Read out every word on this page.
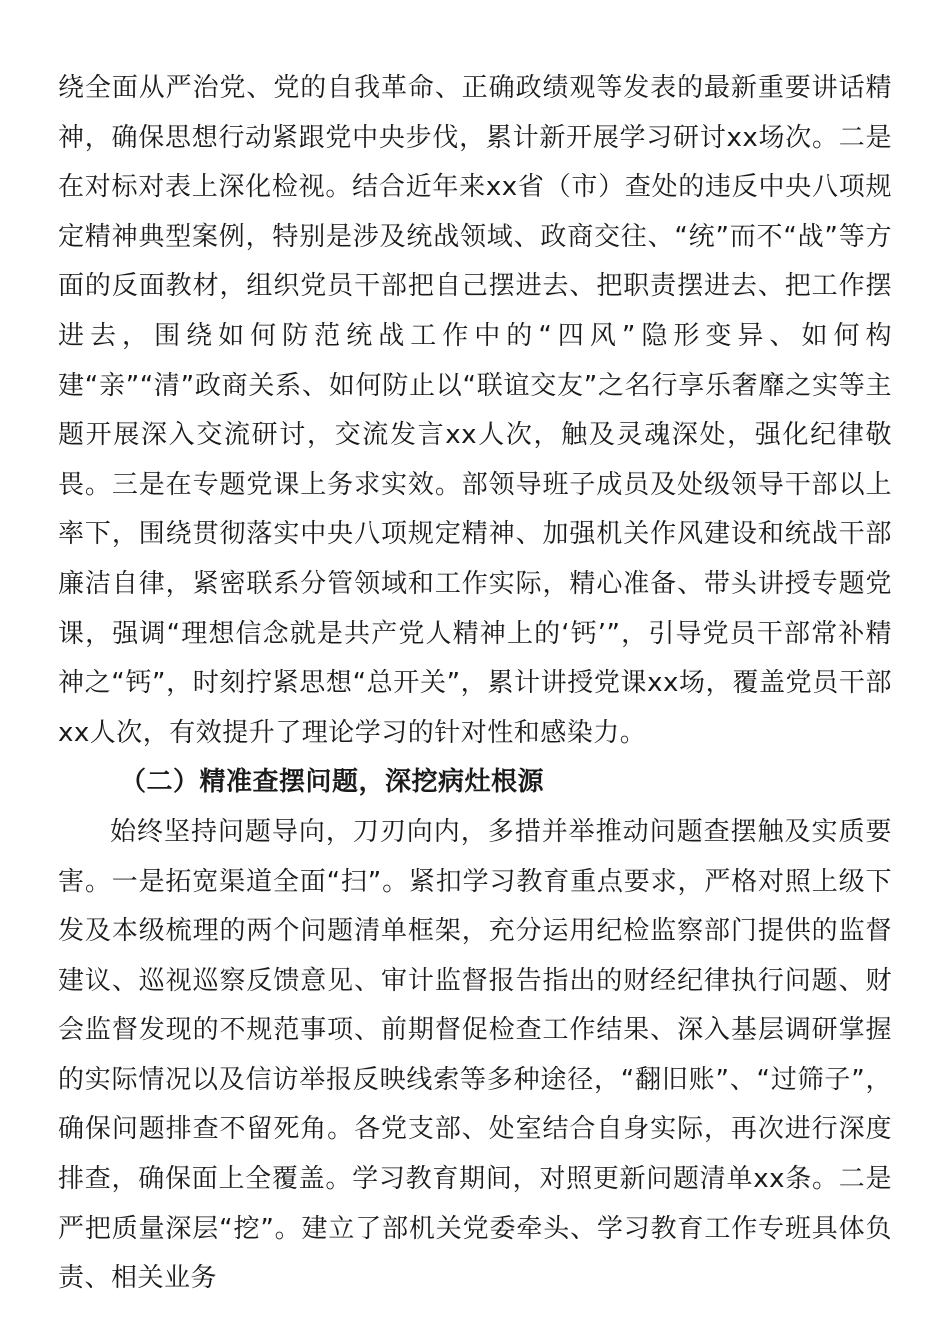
绕全面从严治党、党的自我革命、正确政绩观等发表的最新重要讲话精神，确保思想行动紧跟党中央步伐，累计新开展学习研讨xx场次。二是在对标对表上深化检视。结合近年来xx省（市）查处的违反中央八项规定精神典型案例，特别是涉及统战领域、政商交往、“统”而不“战”等方面的反面教材，组织党员干部把自己摆进去、把职责摆进去、把工作摆进去，围绕如何防范统战工作中的“四风”隐形变异、如何构建“亲”“清”政商关系、如何防止以“联谊交友”之名行享乐奢靡之实等主题开展深入交流研讨，交流发言xx人次，触及灵魂深处，强化纪律敬畏。三是在专题党课上务求实效。部领导班子成员及处级领导干部以上率下，围绕贯彻落实中央八项规定精神、加强机关作风建设和统战干部廉洁自律，紧密联系分管领域和工作实际，精心准备、带头讲授专题党课，强调“理想信念就是共产党人精神上的‘钙’”，引导党员干部常补精神之“钙”，时刻拧紧思想“总开关”，累计讲授党课xx场，覆盖党员干部xx人次，有效提升了理论学习的针对性和感染力。

（二）精准查摆问题，深挖病灶根源

始终坚持问题导向，刀刃向内，多措并举推动问题查摆触及实质要害。一是拓宽渠道全面“扫”。紧扣学习教育重点要求，严格对照上级下发及本级梳理的两个问题清单框架，充分运用纪检监察部门提供的监督建议、巡视巡察反馈意见、审计监督报告指出的财经纪律执行问题、财会监督发现的不规范事项、前期督促检查工作结果、深入基层调研掌握的实际情况以及信访举报反映线索等多种途径，“翻旧账”、“过筛子”，确保问题排查不留死角。各党支部、处室结合自身实际，再次进行深度排查，确保面上全覆盖。学习教育期间，对照更新问题清单xx条。二是严把质量深层“挖”。建立了部机关党委牵头、学习教育工作专班具体负责、相关业务
